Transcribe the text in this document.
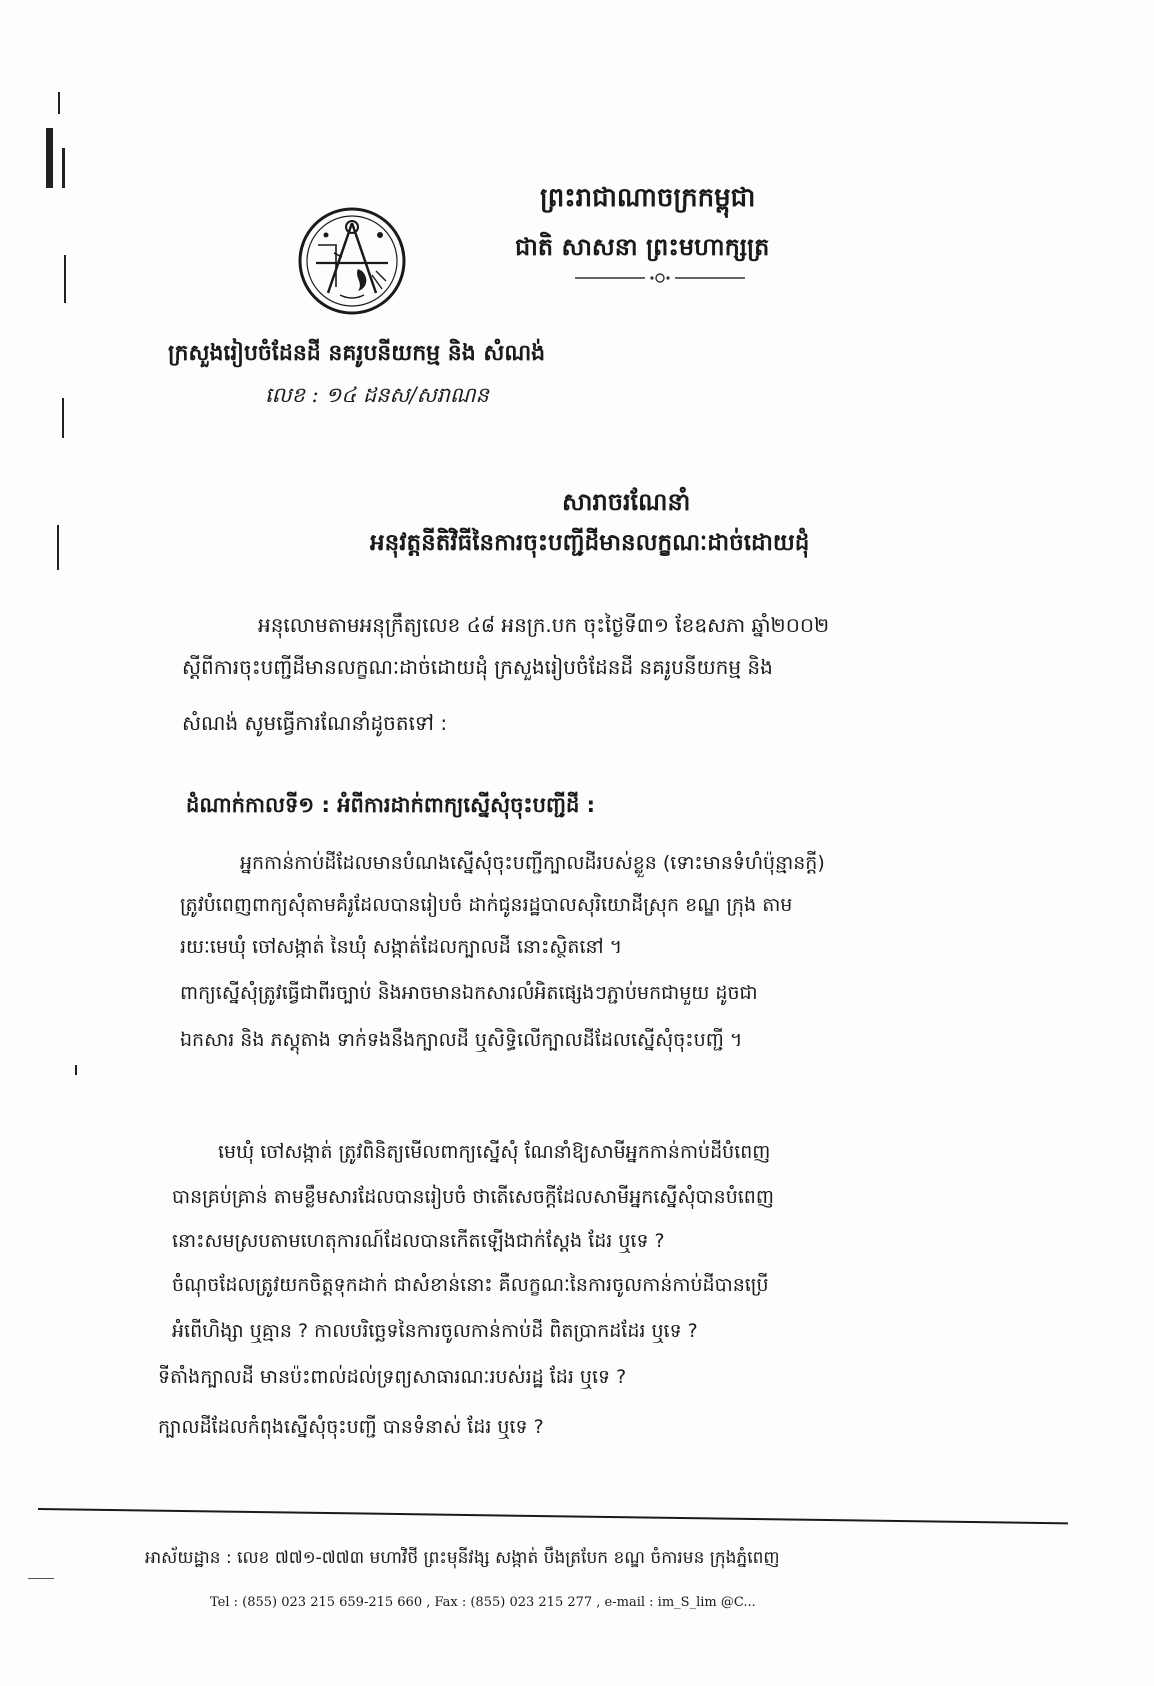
ព្រះរាជាណាចក្រកម្ពុជា
ជាតិ សាសនា ព្រះមហាក្សត្រ
ក្រសួងរៀបចំដែនដី នគរូបនីយកម្ម និង សំណង់
លេខ : ១៤ ដនស/សរាណន
សារាចរណែនាំ
អនុវត្តនីតិវិធីនៃការចុះបញ្ជីដីមានលក្ខណៈដាច់ដោយដុំ
អនុលោមតាមអនុក្រឹត្យលេខ ៤៨ អនក្រ.បក ចុះថ្ងៃទី៣១ ខែឧសភា ឆ្នាំ២០០២
ស្តីពីការចុះបញ្ជីដីមានលក្ខណៈដាច់ដោយដុំ ក្រសួងរៀបចំដែនដី នគរូបនីយកម្ម និង
សំណង់ សូមធ្វើការណែនាំដូចតទៅ :
ដំណាក់កាលទី១ : អំពីការដាក់ពាក្យស្នើសុំចុះបញ្ជីដី :
អ្នកកាន់កាប់ដីដែលមានបំណងស្នើសុំចុះបញ្ជីក្បាលដីរបស់ខ្លួន (ទោះមានទំហំប៉ុន្មានក្តី)
ត្រូវបំពេញពាក្យសុំតាមគំរូដែលបានរៀបចំ ដាក់ជូនរដ្ឋបាលសុរិយោដីស្រុក ខណ្ឌ ក្រុង តាម
រយៈមេឃុំ ចៅសង្កាត់ នៃឃុំ សង្កាត់ដែលក្បាលដី នោះស្ថិតនៅ ។
ពាក្យស្នើសុំត្រូវធ្វើជាពីរច្បាប់ និងអាចមានឯកសារលំអិតផ្សេងៗភ្ជាប់មកជាមួយ ដូចជា
ឯកសារ និង ភស្តុតាង ទាក់ទងនឹងក្បាលដី ឬសិទ្ធិលើក្បាលដីដែលស្នើសុំចុះបញ្ជី ។
មេឃុំ ចៅសង្កាត់ ត្រូវពិនិត្យមើលពាក្យស្នើសុំ ណែនាំឱ្យសាមីអ្នកកាន់កាប់ដីបំពេញ
បានគ្រប់គ្រាន់ តាមខ្លឹមសារដែលបានរៀបចំ ថាតើសេចក្តីដែលសាមីអ្នកស្នើសុំបានបំពេញ
នោះសមស្របតាមហេតុការណ៍ដែលបានកើតឡើងជាក់ស្តែង ដែរ ឬទេ ?
ចំណុចដែលត្រូវយកចិត្តទុកដាក់ ជាសំខាន់នោះ គឺលក្ខណៈនៃការចូលកាន់កាប់ដីបានប្រើ
អំពើហិង្សា ឬគ្មាន ? កាលបរិច្ឆេទនៃការចូលកាន់កាប់ដី ពិតប្រាកដដែរ ឬទេ ?
ទីតាំងក្បាលដី មានប៉ះពាល់ដល់ទ្រព្យសាធារណៈរបស់រដ្ឋ ដែរ ឬទេ ?
ក្បាលដីដែលកំពុងស្នើសុំចុះបញ្ជី បានទំនាស់ ដែរ ឬទេ ?
អាស័យដ្ឋាន : លេខ ៧៧១-៧៧៣ មហាវិថី ព្រះមុនីវង្ស សង្កាត់ បឹងត្របែក ខណ្ឌ ចំការមន ក្រុងភ្នំពេញ
Tel : (855) 023 215 659-215 660 , Fax : (855) 023 215 277 , e-mail : im_S_lim @C...
